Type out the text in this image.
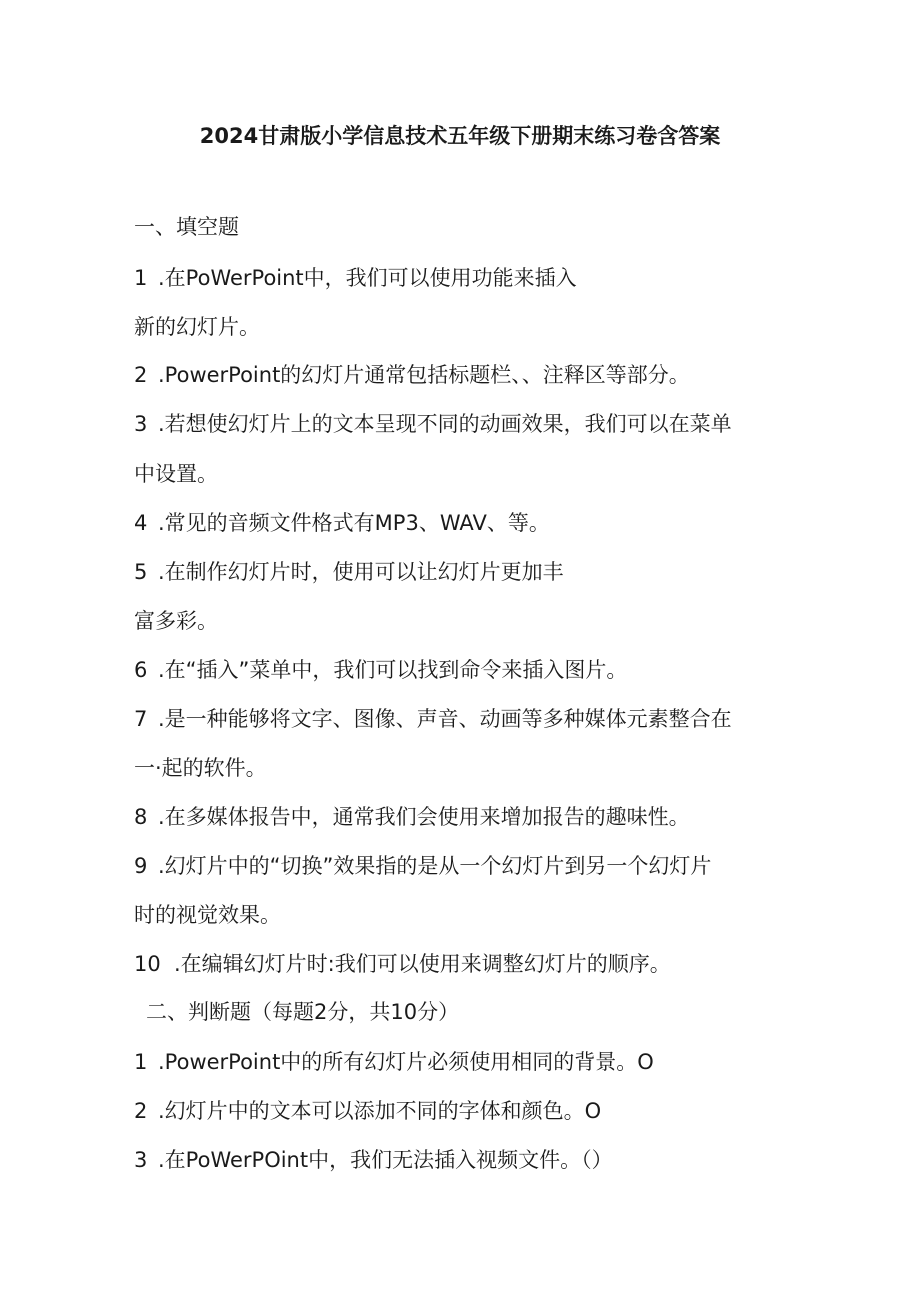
2024甘肃版小学信息技术五年级下册期末练习卷含答案
一、填空题
1 .在PoWerPoint中，我们可以使用功能来插入
新的幻灯片。
2 .PowerPoint的幻灯片通常包括标题栏、、注释区等部分。
3 .若想使幻灯片上的文本呈现不同的动画效果，我们可以在菜单
中设置。
4 .常见的音频文件格式有MP3、WAV、等。
5 .在制作幻灯片时，使用可以让幻灯片更加丰
富多彩。
6 .在“插入”菜单中，我们可以找到命令来插入图片。
7 .是一种能够将文字、图像、声音、动画等多种媒体元素整合在
一·起的软件。
8 .在多媒体报告中，通常我们会使用来增加报告的趣味性。
9 .幻灯片中的“切换”效果指的是从一个幻灯片到另一个幻灯片
时的视觉效果。
10 .在编辑幻灯片时:我们可以使用来调整幻灯片的顺序。
二、判断题（每题2分，共10分）
1 .PowerPoint中的所有幻灯片必须使用相同的背景。O
2 .幻灯片中的文本可以添加不同的字体和颜色。O
3 .在PoWerPOint中，我们无法插入视频文件。（）
